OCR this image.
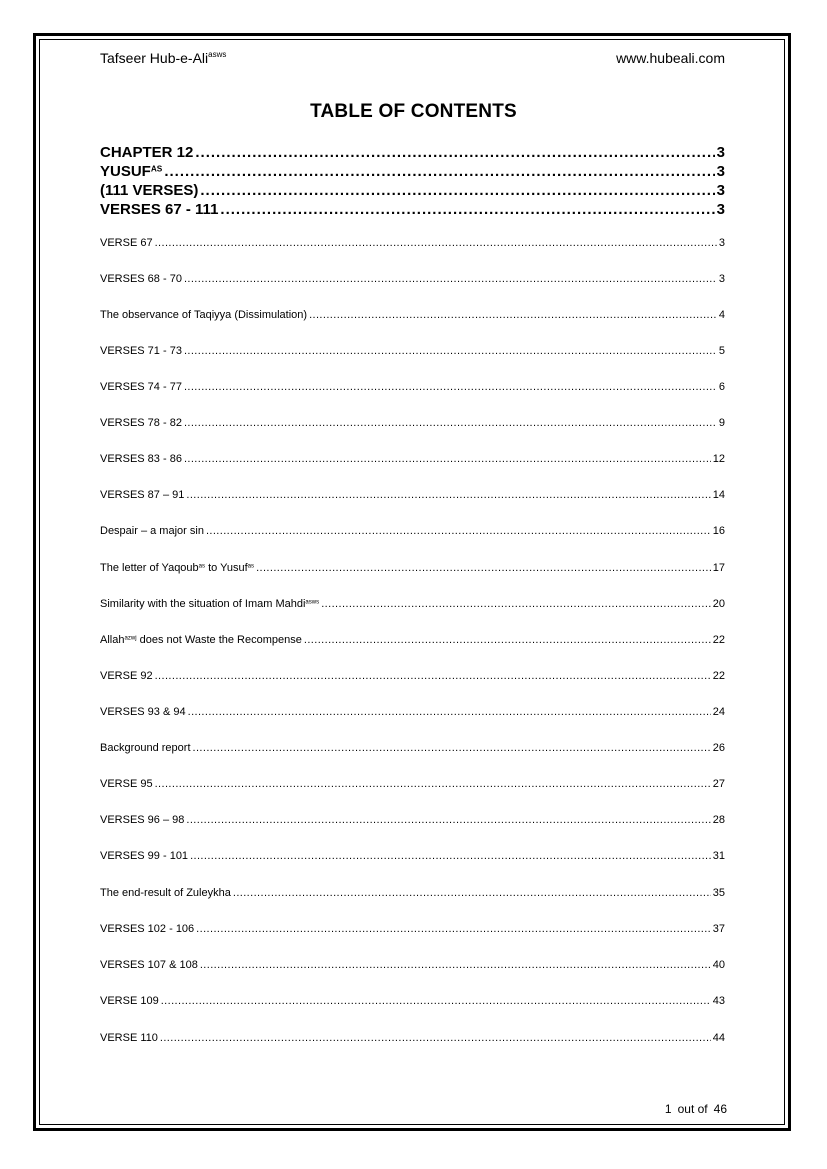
Tafseer Hub-e-Ali$^{asws}$	www.hubeali.com
TABLE OF CONTENTS
CHAPTER 12 .....	3
$YUSUF^{AS}$ .....	3
(111 VERSES) .....	3
VERSES 67 - 111 .....	3
VERSE 67 .....	3
VERSES 68 - 70 .....	3
The observance of Taqiyya (Dissimulation) .....	4
VERSES 71 - 73 .....	5
VERSES 74 - 77 .....	6
VERSES 78 - 82 .....	9
VERSES 83 - 86 .....	12
VERSES 87 – 91 .....	14
Despair – a major sin .....	16
The letter of Yaqoub$^{as}$ to Yusuf$^{as}$ .....	17
Similarity with the situation of Imam Mahdi$^{asws}$ .....	20
Allah$^{azwj}$ does not Waste the Recompense .....	22
VERSE 92 .....	22
VERSES 93 & 94 .....	24
Background report .....	26
VERSE 95 .....	27
VERSES 96 – 98 .....	28
VERSES 99 - 101 .....	31
The end-result of Zuleykha .....	35
VERSES 102 - 106 .....	37
VERSES 107 & 108 .....	40
VERSE 109 .....	43
VERSE 110 .....	44
1 out of 46
